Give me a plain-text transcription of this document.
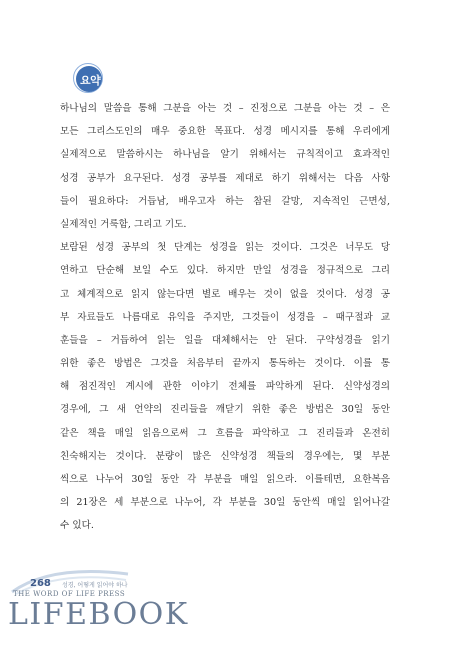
요약
하나님의 말씀을 통해 그분을 아는 것 – 진정으로 그분을 아는 것 – 은
모든 그리스도인의 매우 중요한 목표다. 성경 메시지를 통해 우리에게
실제적으로 말씀하시는 하나님을 알기 위해서는 규칙적이고 효과적인
성경 공부가 요구된다. 성경 공부를 제대로 하기 위해서는 다음 사항
들이 필요하다: 거듭남, 배우고자 하는 참된 갈망, 지속적인 근면성,
실제적인 거룩함, 그리고 기도.
보람된 성경 공부의 첫 단계는 성경을 읽는 것이다. 그것은 너무도 당
연하고 단순해 보일 수도 있다. 하지만 만일 성경을 정규적으로 그리
고 체계적으로 읽지 않는다면 별로 배우는 것이 없을 것이다. 성경 공
부 자료들도 나름대로 유익을 주지만, 그것들이 성경을 – 때구절과 교
훈들을 – 거듭하여 읽는 일을 대체해서는 안 된다. 구약성경을 읽기
위한 좋은 방법은 그것을 처음부터 끝까지 통독하는 것이다. 이를 통
해 점진적인 계시에 관한 이야기 전체를 파악하게 된다. 신약성경의
경우에, 그 새 언약의 진리들을 깨닫기 위한 좋은 방법은 30일 동안
같은 책을 매일 읽음으로써 그 흐름을 파악하고 그 진리들과 온전히
친숙해지는 것이다. 분량이 많은 신약성경 책들의 경우에는, 몇 부분
씩으로 나누어 30일 동안 각 부분을 매일 읽으라. 이를테면, 요한복음
의 21장은 세 부분으로 나누어, 각 부분을 30일 동안씩 매일 읽어나갈
수 있다.
268 성경, 어떻게 읽어야 하나
THE WORD OF LIFE PRESS
LIFEBOOK
